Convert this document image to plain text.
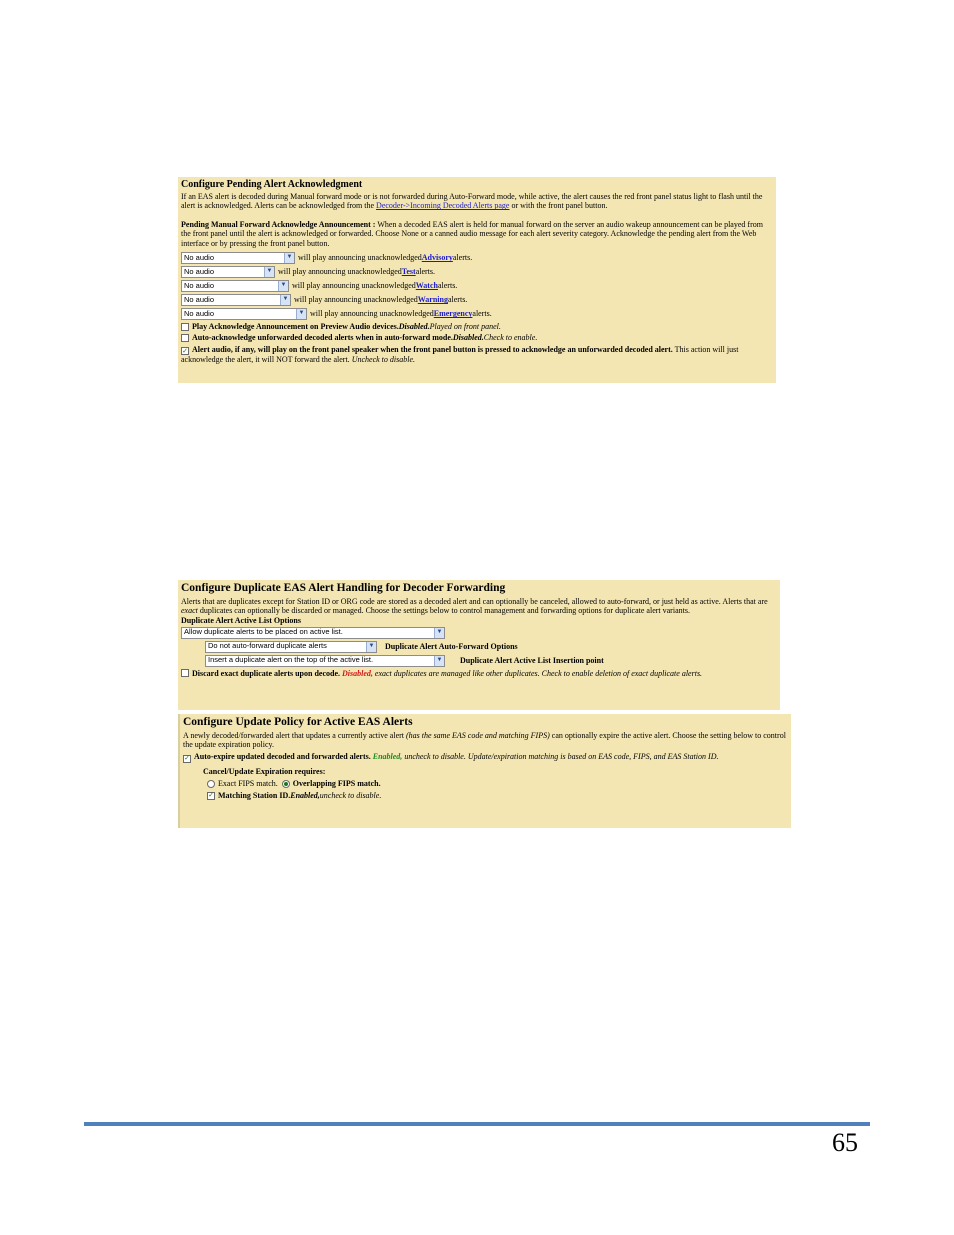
Configure Pending Alert Acknowledgment
If an EAS alert is decoded during Manual forward mode or is not forwarded during Auto-Forward mode, while active, the alert causes the red front panel status light to flash until the alert is acknowledged. Alerts can be acknowledged from the Decoder->Incoming Decoded Alerts page or with the front panel button.
Pending Manual Forward Acknowledge Announcement : When a decoded EAS alert is held for manual forward on the server an audio wakeup announcement can be played from the front panel until the alert is acknowledged or forwarded. Choose None or a canned audio message for each alert severity category. Acknowledge the pending alert from the Web interface or by pressing the front panel button.
No audio	▼ will play announcing unacknowledged Advisory alerts.
No audio	▼ will play announcing unacknowledged Test alerts.
No audio	▼ will play announcing unacknowledged Watch alerts.
No audio	▼ will play announcing unacknowledged Warning alerts.
No audio	▼ will play announcing unacknowledged Emergency alerts.
Play Acknowledge Announcement on Preview Audio devices. Disabled. Played on front panel.
Auto-acknowledge unforwarded decoded alerts when in auto-forward mode. Disabled. Check to enable.
✓ Alert audio, if any, will play on the front panel speaker when the front panel button is pressed to acknowledge an unforwarded decoded alert. This action will just acknowledge the alert, it will NOT forward the alert. Uncheck to disable.
Configure Duplicate EAS Alert Handling for Decoder Forwarding
Alerts that are duplicates except for Station ID or ORG code are stored as a decoded alert and can optionally be canceled, allowed to auto-forward, or just held as active. Alerts that are exact duplicates can optionally be discarded or managed. Choose the settings below to control management and forwarding options for duplicate alert variants.
Duplicate Alert Active List Options
Allow duplicate alerts to be placed on active list.	▼
Do not auto-forward duplicate alerts	▼ Duplicate Alert Auto-Forward Options
Insert a duplicate alert on the top of the active list.	▼ Duplicate Alert Active List Insertion point
Discard exact duplicate alerts upon decode. Disabled, exact duplicates are managed like other duplicates. Check to enable deletion of exact duplicate alerts.
Configure Update Policy for Active EAS Alerts
A newly decoded/forwarded alert that updates a currently active alert (has the same EAS code and matching FIPS) can optionally expire the active alert. Choose the setting below to control the update expiration policy.
✓ Auto-expire updated decoded and forwarded alerts. Enabled, uncheck to disable. Update/expiration matching is based on EAS code, FIPS, and EAS Station ID.
Cancel/Update Expiration requires:
Exact FIPS match. Overlapping FIPS match.
✓ Matching Station ID. Enabled, uncheck to disable.
65
